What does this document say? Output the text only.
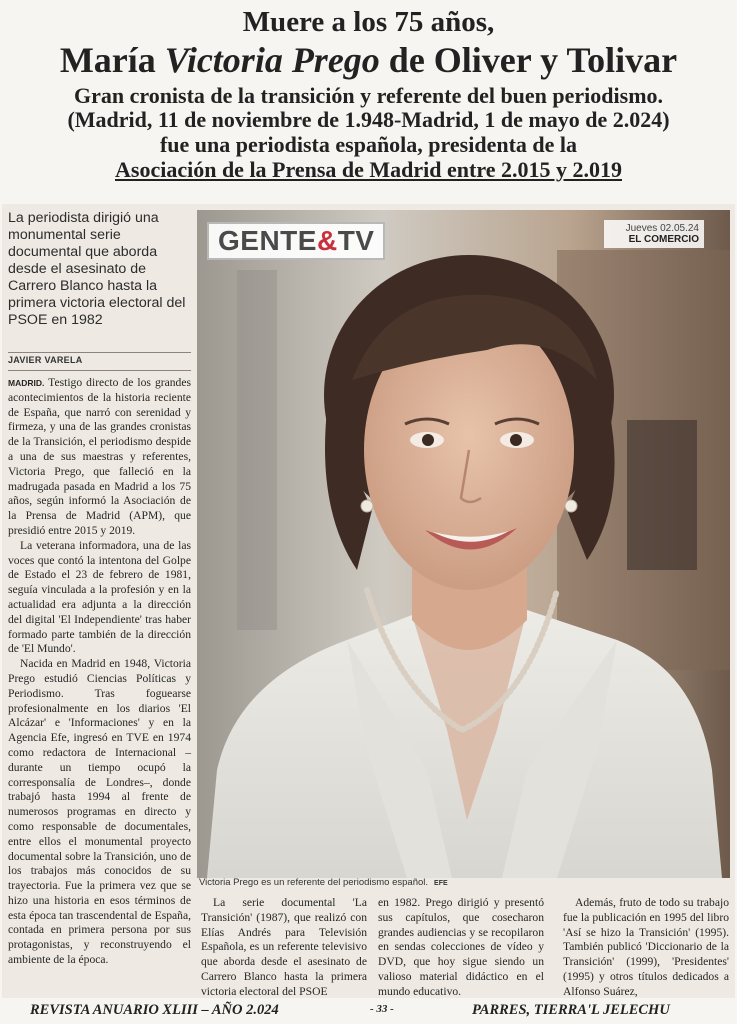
Muere a los 75 años,
María Victoria Prego de Oliver y Tolivar
Gran cronista de la transición y referente del buen periodismo.
(Madrid, 11 de noviembre de 1.948-Madrid, 1 de mayo de 2.024)
fue una periodista española, presidenta de la
Asociación de la Prensa de Madrid entre 2.015 y 2.019
La periodista dirigió una monumental serie documental que aborda desde el asesinato de Carrero Blanco hasta la primera victoria electoral del PSOE en 1982
JAVIER VARELA

MADRID. Testigo directo de los grandes acontecimientos de la historia reciente de España, que narró con serenidad y firmeza, y una de las grandes cronistas de la Transición, el periodismo despide a una de sus maestras y referentes, Victoria Prego, que falleció en la madrugada pasada en Madrid a los 75 años, según informó la Asociación de la Prensa de Madrid (APM), que presidió entre 2015 y 2019.

La veterana informadora, una de las voces que contó la intentona del Golpe de Estado el 23 de febrero de 1981, seguía vinculada a la profesión y en la actualidad era adjunta a la dirección del digital 'El Independiente' tras haber formado parte también de la dirección de 'El Mundo'.

Nacida en Madrid en 1948, Victoria Prego estudió Ciencias Políticas y Periodismo. Tras foguearse profesionalmente en los diarios 'El Alcázar' e 'Informaciones' y en la Agencia Efe, ingresó en TVE en 1974 como redactora de Internacional –durante un tiempo ocupó la corresponsalía de Londres–, donde trabajó hasta 1994 al frente de numerosos programas en directo y como responsable de documentales, entre ellos el monumental proyecto documental sobre la Transición, uno de los trabajos más conocidos de su trayectoria. Fue la primera vez que se hizo una historia en esos términos de esta época tan trascendental de España, contada en primera persona por sus protagonistas, y reconstruyendo el ambiente de la época.

GENTE&TV	Jueves 02.05.24
EL COMERCIO
Victoria Prego es un referente del periodismo español. EFE

La serie documental 'La Transición' (1987), que realizó con Elías Andrés para Televisión Española, es un referente televisivo que aborda desde el asesinato de Carrero Blanco hasta la primera victoria electoral del PSOE

en 1982. Prego dirigió y presentó sus capítulos, que cosecharon grandes audiencias y se recopilaron en sendas colecciones de vídeo y DVD, que hoy sigue siendo un valioso material didáctico en el mundo educativo.

Además, fruto de todo su trabajo fue la publicación en 1995 del libro 'Así se hizo la Transición' (1995). También publicó 'Diccionario de la Transición' (1999), 'Presidentes' (1995) y otros títulos dedicados a Alfonso Suárez,

REVISTA ANUARIO XLIII – AÑO 2.024	- 33 -	PARRES, TIERRA'L JELECHU
